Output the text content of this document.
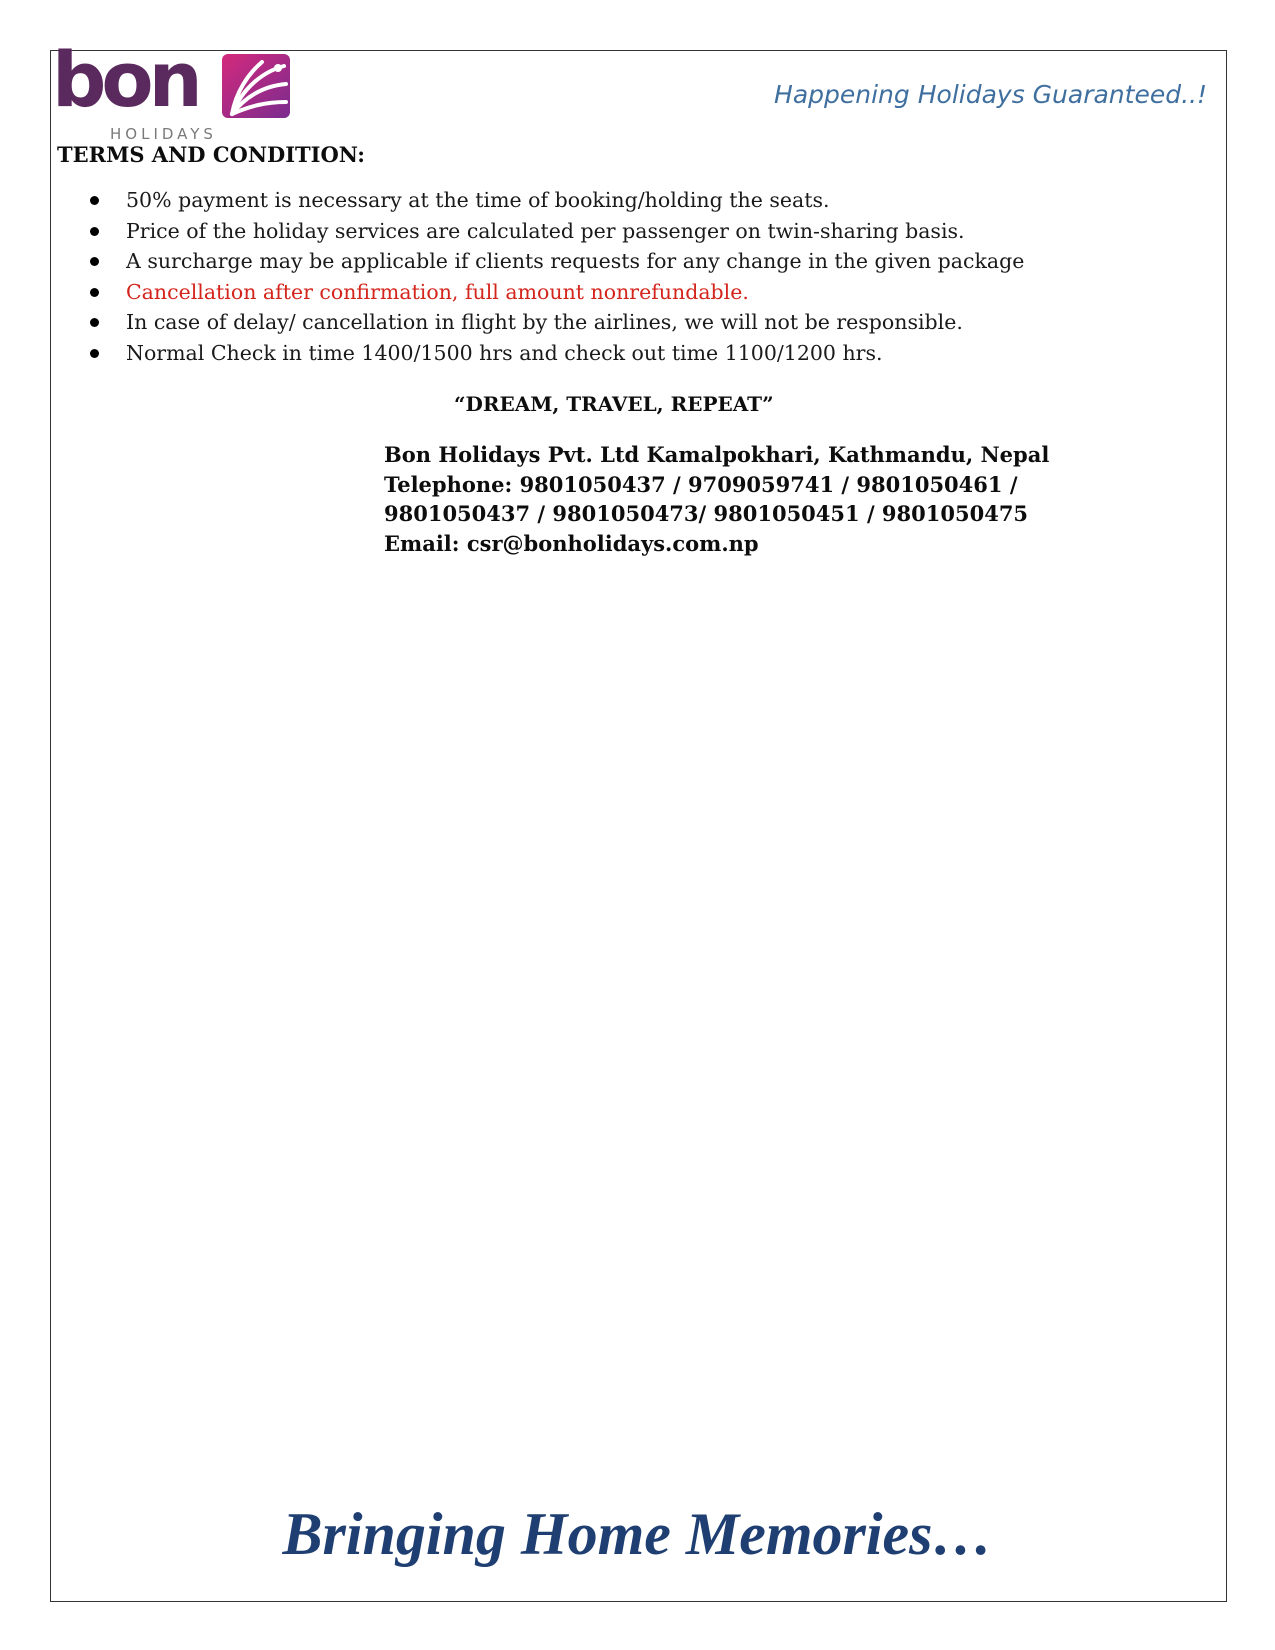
bon
HOLIDAYS
Happening Holidays Guaranteed..!
TERMS AND CONDITION:
50% payment is necessary at the time of booking/holding the seats.
Price of the holiday services are calculated per passenger on twin-sharing basis.
A surcharge may be applicable if clients requests for any change in the given package
Cancellation after confirmation, full amount nonrefundable.
In case of delay/ cancellation in flight by the airlines, we will not be responsible.
Normal Check in time 1400/1500 hrs and check out time 1100/1200 hrs.
“DREAM, TRAVEL, REPEAT”
Bon Holidays Pvt. Ltd Kamalpokhari, Kathmandu, Nepal
Telephone: 9801050437 / 9709059741 / 9801050461 /
9801050437 / 9801050473/ 9801050451 / 9801050475
Email: csr@bonholidays.com.np
Bringing Home Memories…
